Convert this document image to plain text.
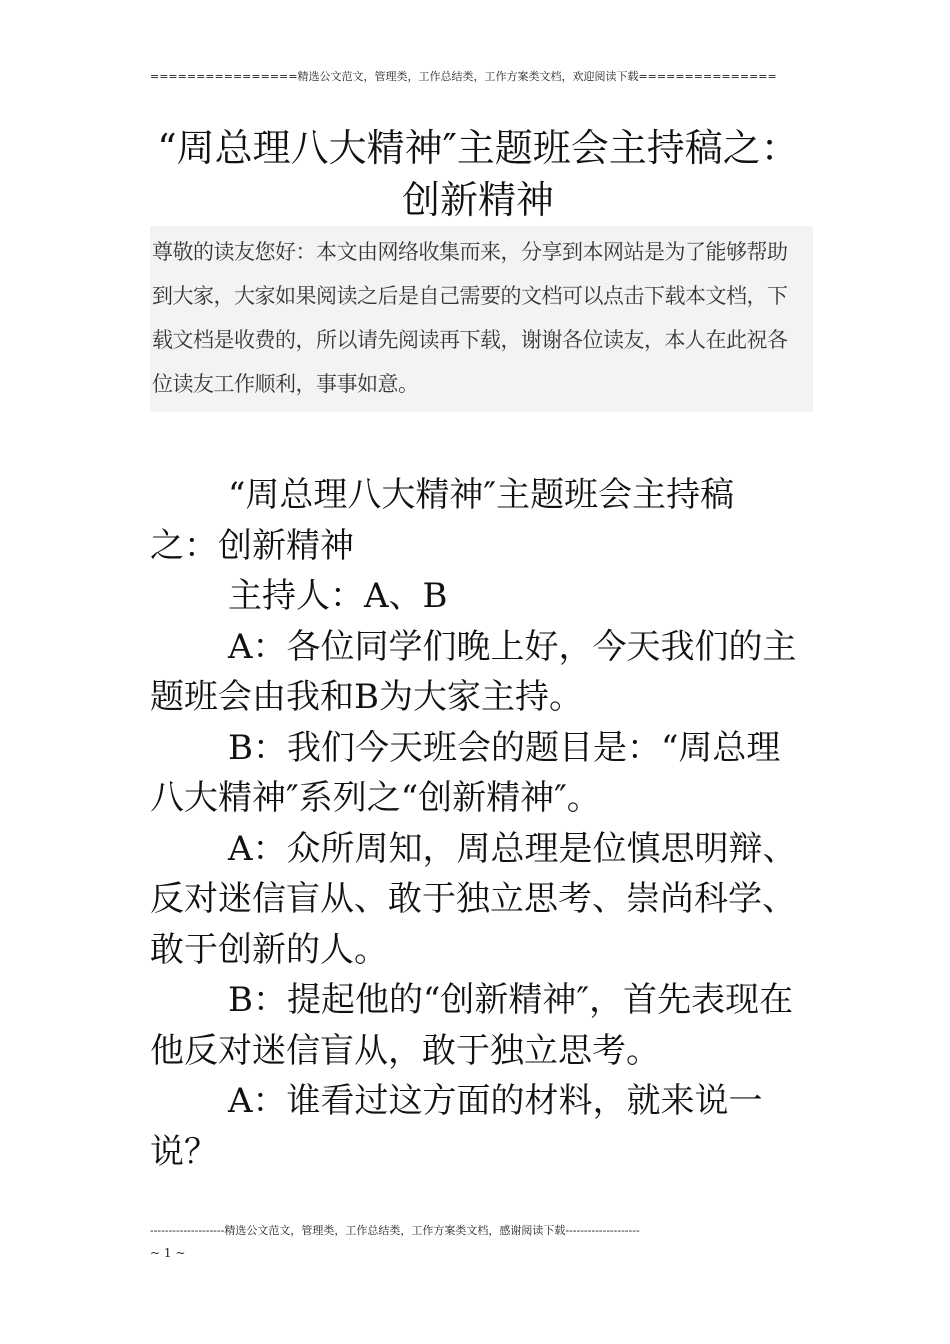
================精选公文范文，管理类，工作总结类，工作方案类文档，欢迎阅读下载===============
“周总理八大精神″主题班会主持稿之：创新精神
尊敬的读友您好：本文由网络收集而来，分享到本网站是为了能够帮助到大家，大家如果阅读之后是自己需要的文档可以点击下载本文档，下载文档是收费的，所以请先阅读再下载，谢谢各位读友，本人在此祝各位读友工作顺利，事事如意。

“周总理八大精神″主题班会主持稿之：创新精神

主持人：A、B

A：各位同学们晚上好，今天我们的主题班会由我和B为大家主持。

B：我们今天班会的题目是：“周总理八大精神″系列之“创新精神″。

A：众所周知，周总理是位慎思明辩、反对迷信盲从、敢于独立思考、崇尚科学、敢于创新的人。

B：提起他的“创新精神″，首先表现在他反对迷信盲从，敢于独立思考。

A：谁看过这方面的材料，就来说一说？

--------------------精选公文范文，管理类，工作总结类，工作方案类文档，感谢阅读下载--------------------
~ 1 ~
